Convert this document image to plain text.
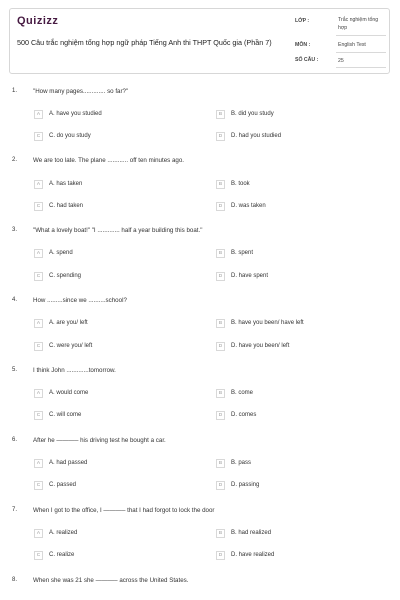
Quizizz
500 Câu trắc nghiệm tổng hợp ngữ pháp Tiếng Anh thi THPT Quốc gia (Phần 7)
LỚP :	Trắc nghiệm tổng hợp
MÔN :	English Test
SỐ CÂU :	25
1.	"How many pages............. so far?"
A	A. have you studied	B	B. did you study
C	C. do you study	D	D. had you studied
2.	We are too late. The plane ............ off ten minutes ago.
A	A. has taken	B	B. took
C	C. had taken	D	D. was taken
3.	"What a lovely boat!" "I ............. half a year building this boat."
A	A. spend	B	B. spent
C	C. spending	D	D. have spent
4.	How .........since we ..........school?
A	A. are you/ left	B	B. have you been/ have left
C	C. were you/ left	D	D. have you been/ left
5.	I think John .............tomorrow.
A	A. would come	B	B. come
C	C. will come	D	D. comes
6.	After he ———– his driving test he bought a car.
A	A. had passed	B	B. pass
C	C. passed	D	D. passing
7.	When I got to the office, I ———– that I had forgot to lock the door
A	A. realized	B	B. had realized
C	C. realize	D	D. have realized
8.	When she was 21 she ———– across the United States.
